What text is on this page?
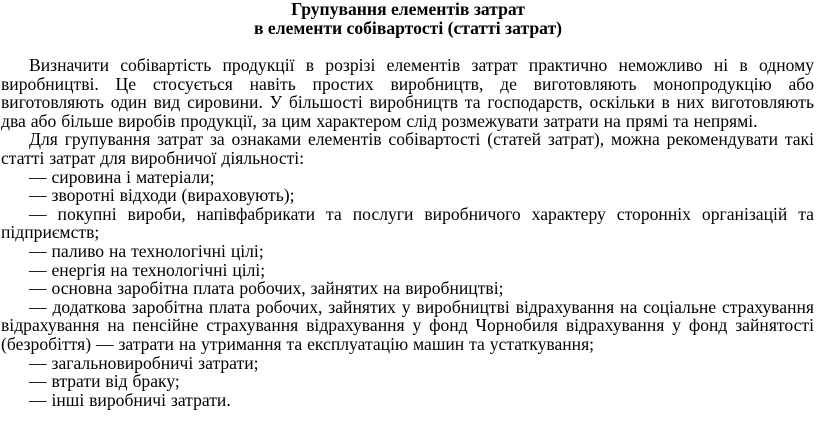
Групування елементів затрат
в елементи собівартості (статті затрат)

Визначити собівартість продукції в розрізі елементів затрат практично неможливо ні в одному виробництві. Це стосується навіть простих виробництв, де виготовляють монопродукцію або виготовляють один вид сировини. У більшості виробництв та господарств, оскільки в них виготовляють два або більше виробів продукції, за цим характером слід розмежувати затрати на прямі та непрямі.

Для групування затрат за ознаками елементів собівартості (статей затрат), можна рекомендувати такі статті затрат для виробничої діяльності:

— сировина і матеріали;
— зворотні відходи (вираховують);
— покупні вироби, напівфабрикати та послуги виробничого характеру сторонніх організацій та підприємств;
— паливо на технологічні цілі;
— енергія на технологічні цілі;
— основна заробітна плата робочих, зайнятих на виробництві;
— додаткова заробітна плата робочих, зайнятих у виробництві відрахування на соціальне страхування відрахування на пенсійне страхування відрахування у фонд Чорнобиля відрахування у фонд зайнятості (безробіття) — затрати на утримання та експлуатацію машин та устаткування;
— загальновиробничі затрати;
— втрати від браку;
— інші виробничі затрати.
